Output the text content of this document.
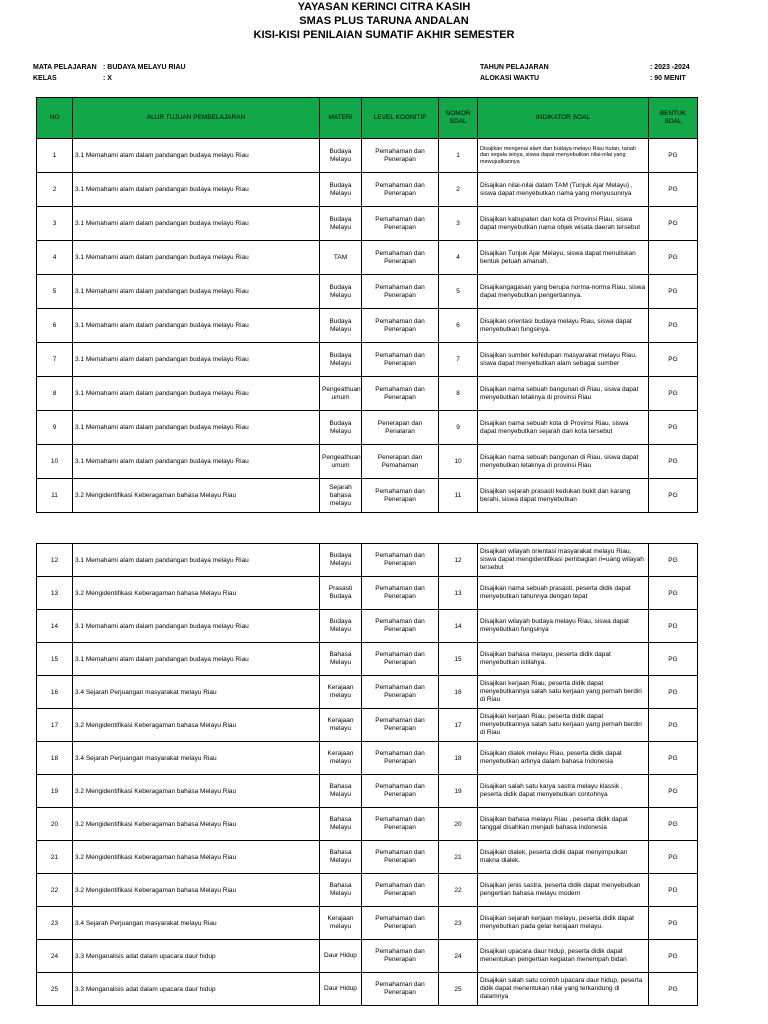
YAYASAN KERINCI CITRA KASIH
SMAS PLUS TARUNA ANDALAN
KISI-KISI PENILAIAN SUMATIF AKHIR SEMESTER
MATA PELAJARAN : BUDAYA MELAYU RIAU
KELAS	: X
TAHUN PELAJARAN	: 2023 -2024
ALOKASI WAKTU	: 90 MENIT
NO	ALUR TUJUAN PEMBELAJARAN	MATERI	LEVEL KOGNITIF	NOMOR SOAL	INDIKATOR SOAL	BENTUK SOAL
1	3.1 Memahami alam dalam pandangan budaya melayu Riau	Budaya Melayu	Pemahaman dan Penerapan	1	Disajikan mengenai alam dan budaya melayu Riau hutan, tanah dan segala isinya, siswa dapat menyebutkan nilai-nilai yang mewujudkannya	PG
2	3.1 Memahami alam dalam pandangan budaya melayu Riau	Budaya Melayu	Pemahaman dan Penerapan	2	Disajikan nilai-nilai dalam TAM (Tunjuk Ajar Melayu) , siswa dapat menyebutkan nama yang menyusunnya	PG
3	3.1 Memahami alam dalam pandangan budaya melayu Riau	Budaya Melayu	Pemahaman dan Penerapan	3	Disajikan kabupaten dan kota di Provinsi Riau, siswa dapat menyebutkan nama objek wisata daerah tersebut	PG
4	3.1 Memahami alam dalam pandangan budaya melayu Riau	TAM	Pemahaman dan Penerapan	4	Disajikan Tunjuk Ajar Melayu, siswa dapat menuliskan bentuk petuah amanah.	PG
5	3.1 Memahami alam dalam pandangan budaya melayu Riau	Budaya Melayu	Pemahaman dan Penerapan	5	Disajikangagasan yang berupa norma-norma Riau, siswa dapat menyebutkan pengertiannya.	PG
6	3.1 Memahami alam dalam pandangan budaya melayu Riau	Budaya Melayu	Pemahaman dan Penerapan	6	Disajikan orientasi budaya melayu Riau, siswa dapat menyebutkan fungsinya.	PG
7	3.1 Memahami alam dalam pandangan budaya melayu Riau	Budaya Melayu	Pemahaman dan Penerapan	7	Disajikan sumber kehidupan masyarakat melayu Riau, siswa dapat menyebutkan alam sebagai sumber	PG
8	3.1 Memahami alam dalam pandangan budaya melayu Riau	Pengeathuan umum	Pemahaman dan Penerapan	8	Disajikan nama sebuah bangunan di Riau, siswa dapat menyebutkan letaknya di provinsi Riau	PG
9	3.1 Memahami alam dalam pandangan budaya melayu Riau	Budaya Melayu	Penerapan dan Penalaran	9	Disajikan nama sebuah kota di Provinsi Riau, siswa dapat menyebutkan sejarah dari kota tersebut	PG
10	3.1 Memahami alam dalam pandangan budaya melayu Riau	Pengeathuan umum	Penerapan dan Pemahaman	10	Disajikan nama sebuah bangunan di Riau, siswa dapat menyebutkan letaknya di provinsi Riau	PG
11	3.2 Mengidentifikasi Keberagaman bahasa Melayu Riau	Sejarah bahasa melayu	Pemahaman dan Penerapan	11	Disajikan sejarah prasasti kedukan bukit dan karang berahi, siswa dapat menyebutkan	PG
12	3.1 Memahami alam dalam pandangan budaya melayu Riau	Budaya Melayu	Pemahaman dan Penerapan	12	Disajikan wilayah orientasi masyarakat melayu Riau, siswa dapat mengidentifikasi pembagian ri=uang wilayah tersebut	PG
13	3.2 Mengidentifikasi Keberagaman bahasa Melayu Riau	Prasasti Budaya	Pemahaman dan Penerapan	13	Disajikan nama sebuah prasasti, peserta didik dapat menyebutkan tahunnya dengan tepat	PG
14	3.1 Memahami alam dalam pandangan budaya melayu Riau	Budaya Melayu	Pemahaman dan Penerapan	14	Disajikan wilayah budaya melayu Riau, siswa dapat menyebutkan fungsinya	PG
15	3.1 Memahami alam dalam pandangan budaya melayu Riau	Bahasa Melayu	Pemahaman dan Penerapan	15	Disajikan bahasa melayu, peserta didik dapat menyebutkan istilahya.	PG
16	3.4 Sejarah Perjuangan masyarakat melayu Riau	Kerajaan melayu	Pemahaman dan Penerapan	16	Disajikan kerjaan Riau, peserta didik dapat menyebutkannya salah satu kerjaan yang pernah berdiri di Riau	PG
17	3.2 Mengidentifikasi Keberagaman bahasa Melayu Riau	Kerajaan melayu	Pemahaman dan Penerapan	17	Disajikan kerjaan Riau, peserta didik dapat menyebutkannya salah satu kerjaan yang pernah berdiri di Riau	PG
18	3.4 Sejarah Perjuangan masyarakat melayu Riau	Kerajaan melayu	Pemahaman dan Penerapan	18	Disajikan dialek melayu Riau, peserta didik dapat menyebutkan artinya dalam bahasa Indonesia	PG
19	3.2 Mengidentifikasi Keberagaman bahasa Melayu Riau	Bahasa Melayu	Pemahaman dan Penerapan	19	Disajikan salah satu karya sastra melayu klassik , peserta didik dapat menyebutkan contohnya	PG
20	3.2 Mengidentifikasi Keberagaman bahasa Melayu Riau	Bahasa Melayu	Pemahaman dan Penerapan	20	Disajikan bahasa melayu Riau , peserta didik dapat tanggal disahkan menjadi bahasa Indonesia	PG
21	3.2 Mengidentifikasi Keberagaman bahasa Melayu Riau	Bahasa Melayu	Pemahaman dan Penerapan	21	Disajikan dialek, peserta didik dapat menyimpulkan makna dialek.	PG
22	3.2 Mengidentifikasi Keberagaman bahasa Melayu Riau	Bahasa Melayu	Pemahaman dan Penerapan	22	Disajikan jenis sastra, peserta didik dapat menyebutkan pengertian bahasa melayu modern	PG
23	3.4 Sejarah Perjuangan masyarakat melayu Riau	Kerajaan melayu	Pemahaman dan Penerapan	23	Disajikan sejarah kerjaan melayu, peserta didik dapat menyebutkan pada gelar kerajaan melayu.	PG
24	3.3 Menganalisis adat dalam upacara daur hidup	Daur Hidup	Pemahaman dan Penerapan	24	Disajikan upacara daur hidup, peserta didik dapat menentukan pengertian kegiatan menempah bidan	PG
25	3.3 Menganalisis adat dalam upacara daur hidup	Daur Hidup	Pemahaman dan Penerapan	25	Disajikan salah satu contoh upacara daur hidup, peserta didik dapat menentukan nilai yang terkandung di dalamnya	PG
